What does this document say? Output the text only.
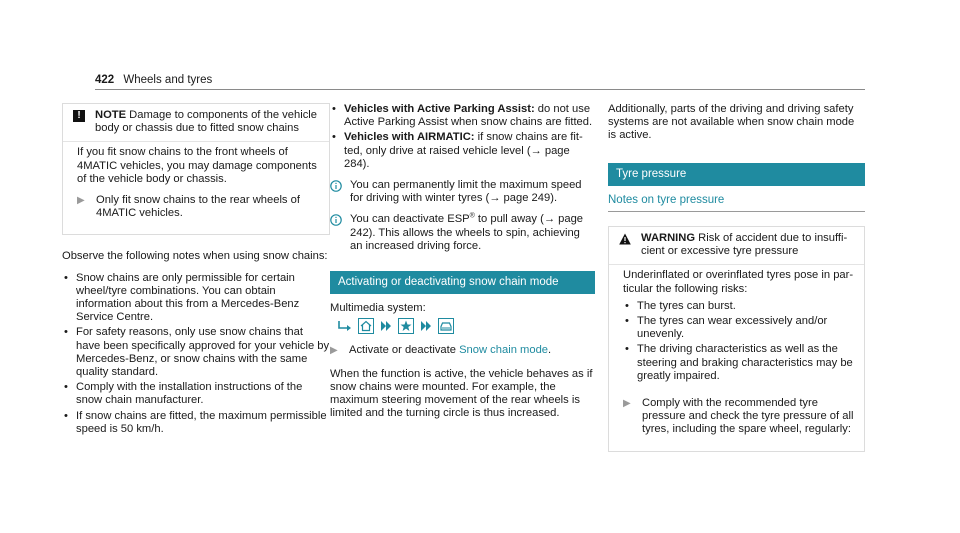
422 Wheels and tyres
!	NOTE Damage to components of the vehicle body or chassis due to fitted snow chains

If you fit snow chains to the front wheels of 4MATIC vehicles, you may damage components of the vehicle body or chassis.

▶ Only fit snow chains to the rear wheels of 4MATIC vehicles.

Observe the following notes when using snow chains:

• Snow chains are only permissible for certain wheel/tyre combinations. You can obtain information about this from a Mercedes-Benz Service Centre.
• For safety reasons, only use snow chains that have been specifically approved for your vehicle by Mercedes-Benz, or snow chains with the same quality standard.
• Comply with the installation instructions of the snow chain manufacturer.
• If snow chains are fitted, the maximum permissible speed is 50 km/h.
• Vehicles with Active Parking Assist: do not use Active Parking Assist when snow chains are fitted.
• Vehicles with AIRMATIC: if snow chains are fitted, only drive at raised vehicle level (→ page 284).
You can permanently limit the maximum speed for driving with winter tyres (→ page 249).
You can deactivate ESP® to pull away (→ page 242). This allows the wheels to spin, achieving an increased driving force.
Activating or deactivating snow chain mode

Multimedia system:

▶ Activate or deactivate Snow chain mode.

When the function is active, the vehicle behaves as if snow chains were mounted. For example, the maximum steering movement of the rear wheels is limited and the turning circle is thus increased.

Additionally, parts of the driving and driving safety systems are not available when snow chain mode is active.

Tyre pressure
Notes on tyre pressure
WARNING Risk of accident due to insufficient or excessive tyre pressure

Underinflated or overinflated tyres pose in particular the following risks:

• The tyres can burst.
• The tyres can wear excessively and/or unevenly.
• The driving characteristics as well as the steering and braking characteristics may be greatly impaired.
▶ Comply with the recommended tyre pressure and check the tyre pressure of all tyres, including the spare wheel, regularly:
